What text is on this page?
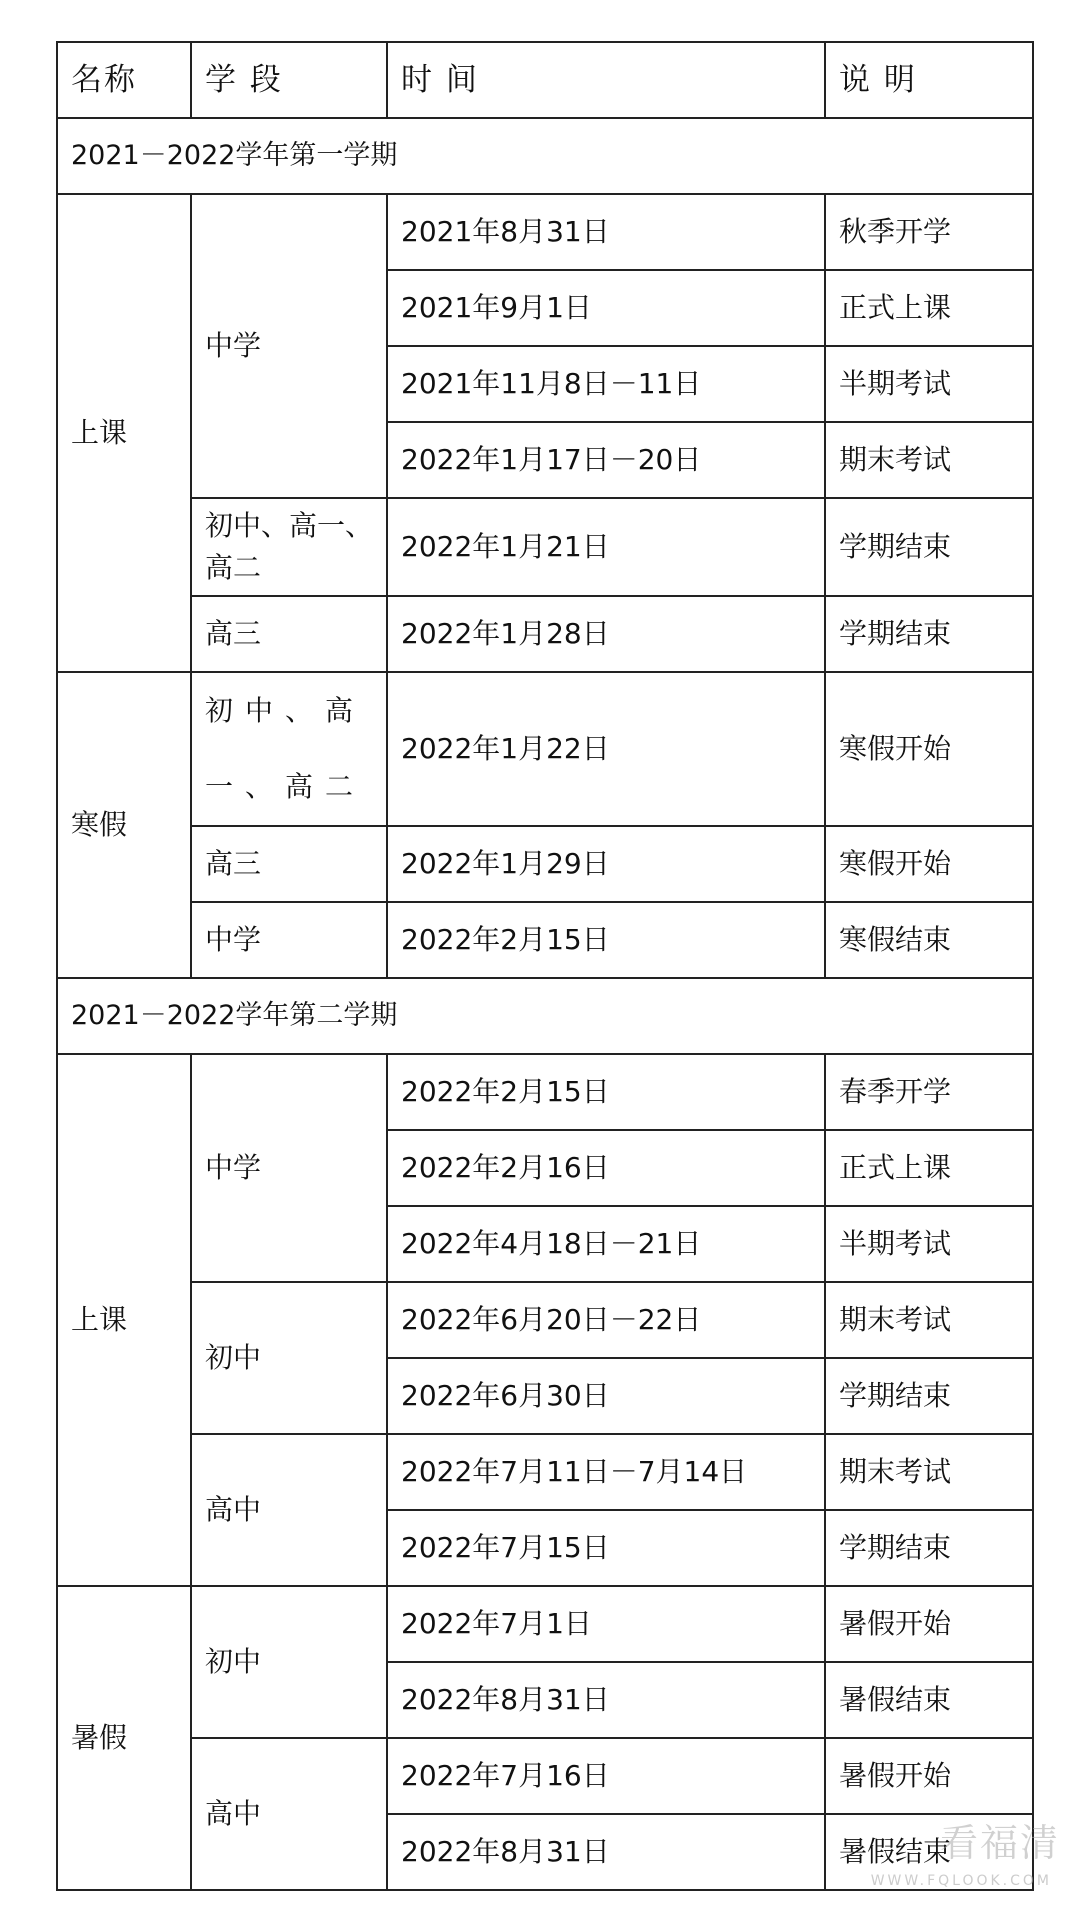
名称	学 段	时 间	说 明
2021－2022学年第一学期			
上课	中学	2021年8月31日	秋季开学
		2021年9月1日	正式上课
		2021年11月8日－11日	半期考试
		2022年1月17日－20日	期末考试
	初中、高一、高二	2022年1月21日	学期结束
	高三	2022年1月28日	学期结束
寒假	初中、高一、高二	2022年1月22日	寒假开始
	高三	2022年1月29日	寒假开始
	中学	2022年2月15日	寒假结束
2021－2022学年第二学期			
上课	中学	2022年2月15日	春季开学
		2022年2月16日	正式上课
		2022年4月18日－21日	半期考试
	初中	2022年6月20日－22日	期末考试
		2022年6月30日	学期结束
	高中	2022年7月11日－7月14日	期末考试
		2022年7月15日	学期结束
暑假	初中	2022年7月1日	暑假开始
		2022年8月31日	暑假结束
	高中	2022年7月16日	暑假开始
		2022年8月31日	暑假结束
看福清
WWW.FQLOOK.COM
